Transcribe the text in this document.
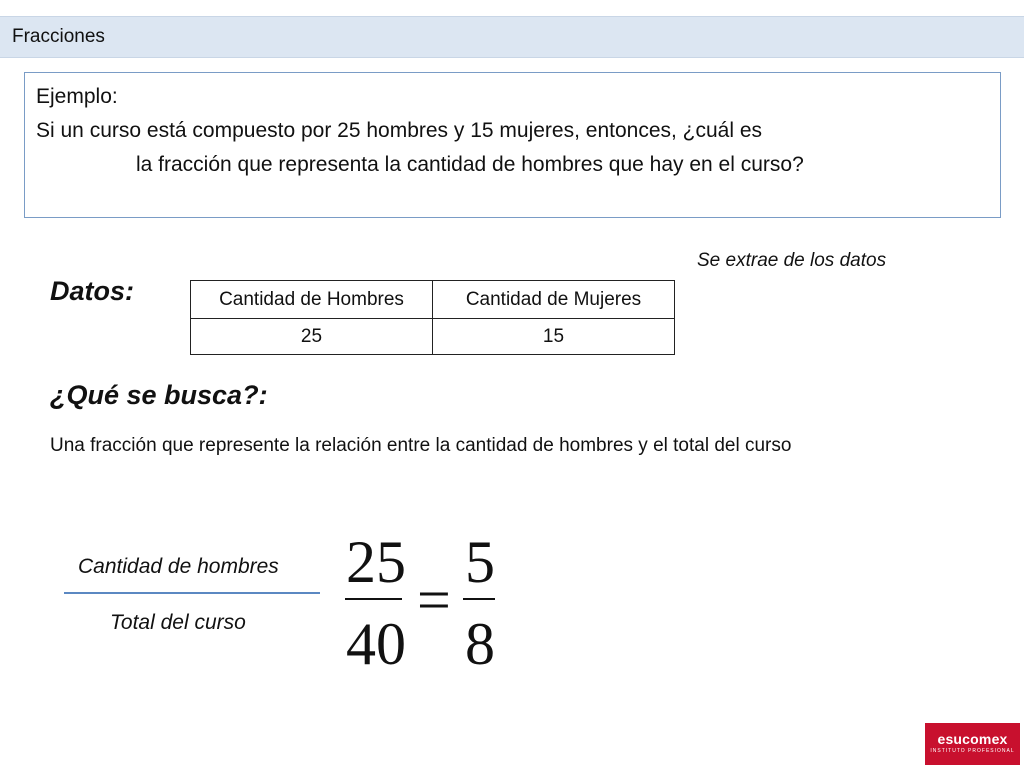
Fracciones
Ejemplo:
Si un curso está compuesto por 25 hombres y 15 mujeres, entonces, ¿cuál es
la fracción que representa la cantidad de hombres que hay en el curso?
Se extrae de los datos
Datos:	Cantidad de Hombres	Cantidad de Mujeres
25	15
¿Qué se busca?:
Una fracción que represente la relación entre la cantidad de hombres y el total del curso
Cantidad de hombres
Total del curso
25
40
=
5
8
esucomex
INSTITUTO PROFESIONAL
